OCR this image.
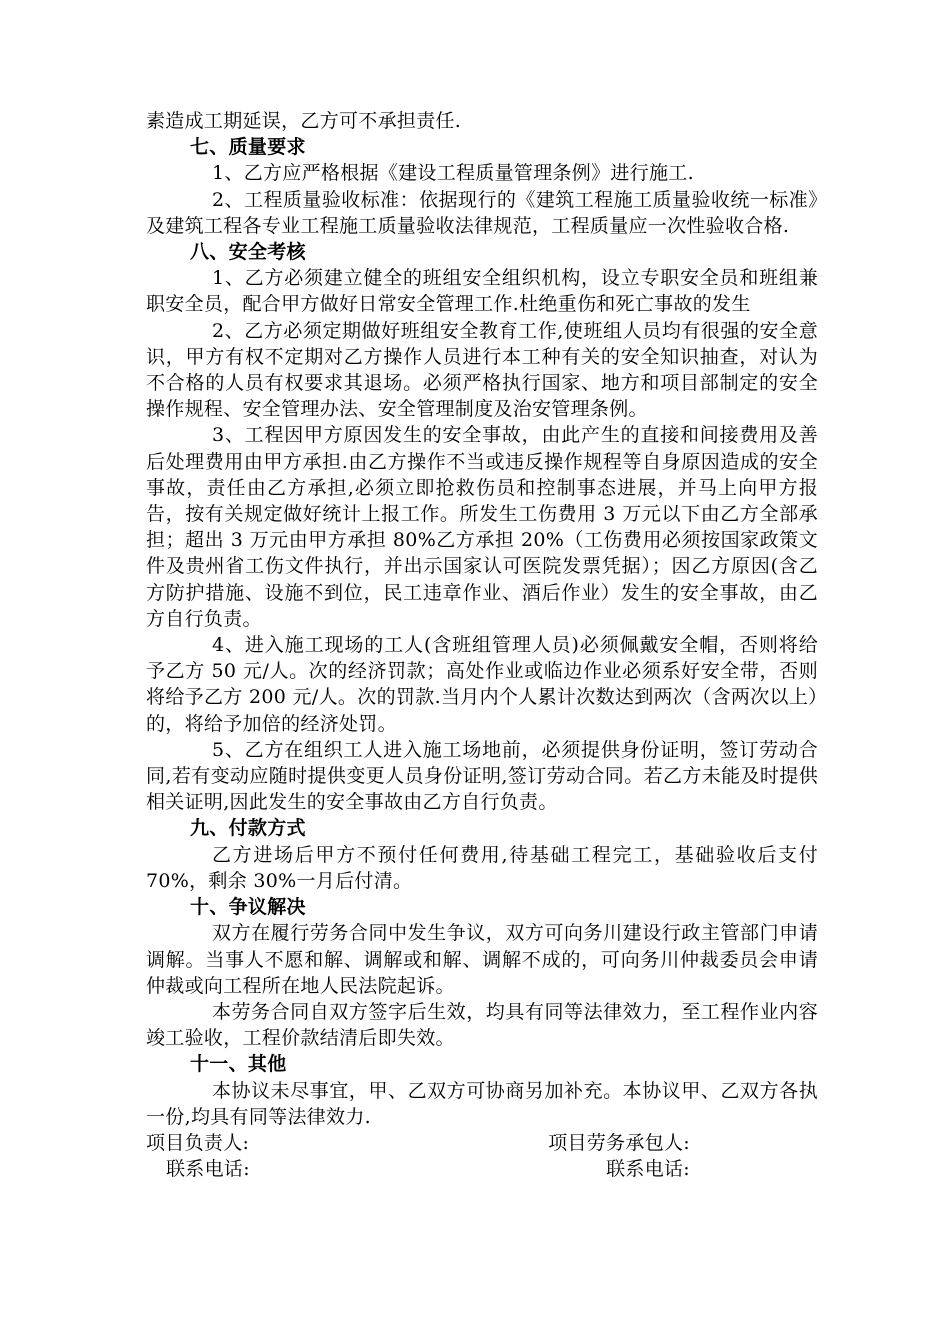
素造成工期延误，乙方可不承担责任.

七、质量要求

1、乙方应严格根据《建设工程质量管理条例》进行施工.

2、工程质量验收标准：依据现行的《建筑工程施工质量验收统一标准》及建筑工程各专业工程施工质量验收法律规范，工程质量应一次性验收合格.

八、安全考核

1、乙方必须建立健全的班组安全组织机构，设立专职安全员和班组兼职安全员，配合甲方做好日常安全管理工作.杜绝重伤和死亡事故的发生

2、乙方必须定期做好班组安全教育工作,使班组人员均有很强的安全意识，甲方有权不定期对乙方操作人员进行本工种有关的安全知识抽查，对认为不合格的人员有权要求其退场。必须严格执行国家、地方和项目部制定的安全操作规程、安全管理办法、安全管理制度及治安管理条例。

3、工程因甲方原因发生的安全事故，由此产生的直接和间接费用及善后处理费用由甲方承担.由乙方操作不当或违反操作规程等自身原因造成的安全事故，责任由乙方承担,必须立即抢救伤员和控制事态进展，并马上向甲方报告，按有关规定做好统计上报工作。所发生工伤费用 3 万元以下由乙方全部承担；超出 3 万元由甲方承担 80%乙方承担 20%（工伤费用必须按国家政策文件及贵州省工伤文件执行，并出示国家认可医院发票凭据）；因乙方原因(含乙方防护措施、设施不到位，民工违章作业、酒后作业）发生的安全事故，由乙方自行负责。

4、进入施工现场的工人(含班组管理人员)必须佩戴安全帽，否则将给予乙方 50 元/人。次的经济罚款；高处作业或临边作业必须系好安全带，否则将给予乙方 200 元/人。次的罚款.当月内个人累计次数达到两次（含两次以上）的，将给予加倍的经济处罚。

5、乙方在组织工人进入施工场地前，必须提供身份证明，签订劳动合同,若有变动应随时提供变更人员身份证明,签订劳动合同。若乙方未能及时提供相关证明,因此发生的安全事故由乙方自行负责。

九、付款方式

乙方进场后甲方不预付任何费用,待基础工程完工，基础验收后支付 70%，剩余 30%一月后付清。

十、争议解决

双方在履行劳务合同中发生争议，双方可向务川建设行政主管部门申请调解。当事人不愿和解、调解或和解、调解不成的，可向务川仲裁委员会申请仲裁或向工程所在地人民法院起诉。

本劳务合同自双方签字后生效，均具有同等法律效力，至工程作业内容竣工验收，工程价款结清后即失效。

十一、其他

本协议未尽事宜，甲、乙双方可协商另加补充。本协议甲、乙双方各执一份,均具有同等法律效力.

项目负责人:	项目劳务承包人:
联系电话:	联系电话:
